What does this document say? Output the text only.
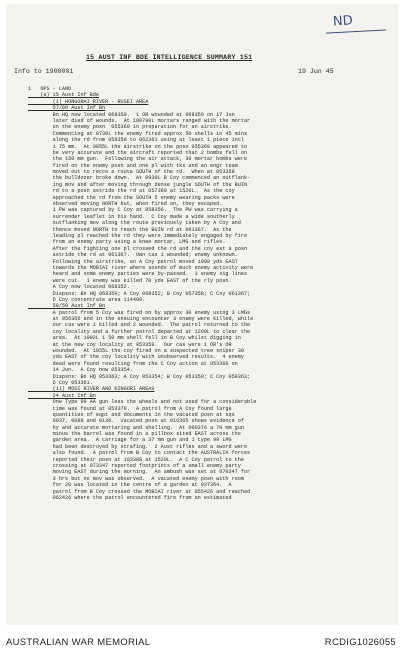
ND
15 AUST INF BDE INTELLIGENCE SUMMARY 151
Info to 1900001	19 Jun 45
1   OPS - LAND
(a) 15 Aust Inf Bde
(i) HONGORAI RIVER - RUSEI AREA
57/60 Aust Inf Bn
Bn HQ now located 068359.  1 OR wounded at 068350 on 17 Jun
later died of wounds.  At 180700L mortars ranged with the mortar
on the enemy posn  055360 in preparation for an airstrike.
Commencing at 0730L the enemy fired approx 50 shells in 45 mins
along the rd from 058359 to 062361 using at least 1 piece incl
1 75 mm.  At 0855L the airstrike on the posn 055360 appeared to
be very accurate and the aircraft reported that 2 bombs fell on
the 150 mm gun.  Following the air attack, 30 mortar bombs were
fired on the enemy posn and one pl with tks and an engr team
moved out to recce a route SOUTH of the rd.  When at 053358
the bulldozer broke down.  At 0930L B Coy commenced an outflank-
ing mov and after moving through dense jungle SOUTH of the BUIN
rd to a posn astride the rd at 057360 at 1520L.  As the coy
approached the rd from the SOUTH 5 enemy wearing packs were
observed moving NORTH but, when fired on, they escaped.
1 PW was captured by C Coy at 058356.  The PW was carrying a
surrender leaflet in his hand.  C Coy made a wide southerly
outflanking mov along the route previously taken by A Coy and
thence moved NORTH to reach the BUIN rd at 061367.  As the
leading pl reached the rd they were immediately engaged by fire
from an enemy party using a knee mortar, LMG and rifles.
After the fighting one pl crossed the rd and the coy est a posn
astride the rd at 061367.  Own cas 1 wounded; enemy unknown.
Following the airstrike, an A Coy patrol moved 1000 yds EAST
towards the MOBIAI river where sounds of much enemy activity were
heard and some enemy parties were by-passed.  3 enemy sig lines
were cut.  1 enemy was killed 70 yds EAST of the rly posn.
A Coy now located 068352.
Dispsns: Bn HQ 068359; A Coy 068352; B Coy 057358; C Coy 061367;
D Coy concentrate area 114409.
58/59 Aust Inf Bn
A patrol from 5 Coy was fired on by approx 30 enemy using 3 LMGs
at 056366 and in the ensuing encounter 3 enemy were killed, while
our cas were 1 killed and 2 wounded.  The patrol returned to the
coy locality and a further patrol departed at 1200L to clear the
area.  At 1002L 1 50 mm shell fell in B Coy whilst digging in
at the new coy locality at 053359.  Our cas were 1 OR's OR
wounded.  At 1055L the coy fired on a suspected tree sniper 30
yds EAST of the coy locality with unobserved results.  4 enemy
dead were found resulting from the C Coy action at 053366 on
14 Jun.  A Coy now 053354.
Dispsns: Bn HQ 053363; A Coy 053354; B Coy 053359; C Coy 059363;
D Coy 053361.
(ii) MOSI RIVER AND KINGORI AREAS
24 Aust Inf Bn
One Type 99 AA gun less the wheels and not used for a considerable
time was found at 053379.  A patrol from A Coy found large
quantities of eqpt and documents in the vacated posn at sqs
0037, 0086 and 0136.  Vacated posn at 016365 shows evidence of
hy and accurate mortaring and shelling.  At 000376 a 70 mm gun
minus the barrel was found in a pillbox sited EAST across the
garden area.  A carriage for a 37 mm gun and 1 type 99 LMG
had been destroyed by strafing.  2 Aust rifles and a sword were
also found.  A patrol from B Coy to contact the AUSTRALIA forces
reported their posn at 103388 at 1520L.  A C Coy patrol to the
crossing at 073347 reported footprints of a small enemy party
moving EAST during the morning.  An ambush was set at 070347 for
3 hrs but no mov was observed.  A vacated enemy posn with room
for 20 was located in the centre of a garden at 037364.  A
patrol from B Coy crossed the MOBIAI river at 055426 and reached
062426 where the patrol encountered fire from an estimated
AUSTRALIAN WAR MEMORIAL	RCDIG1026055
